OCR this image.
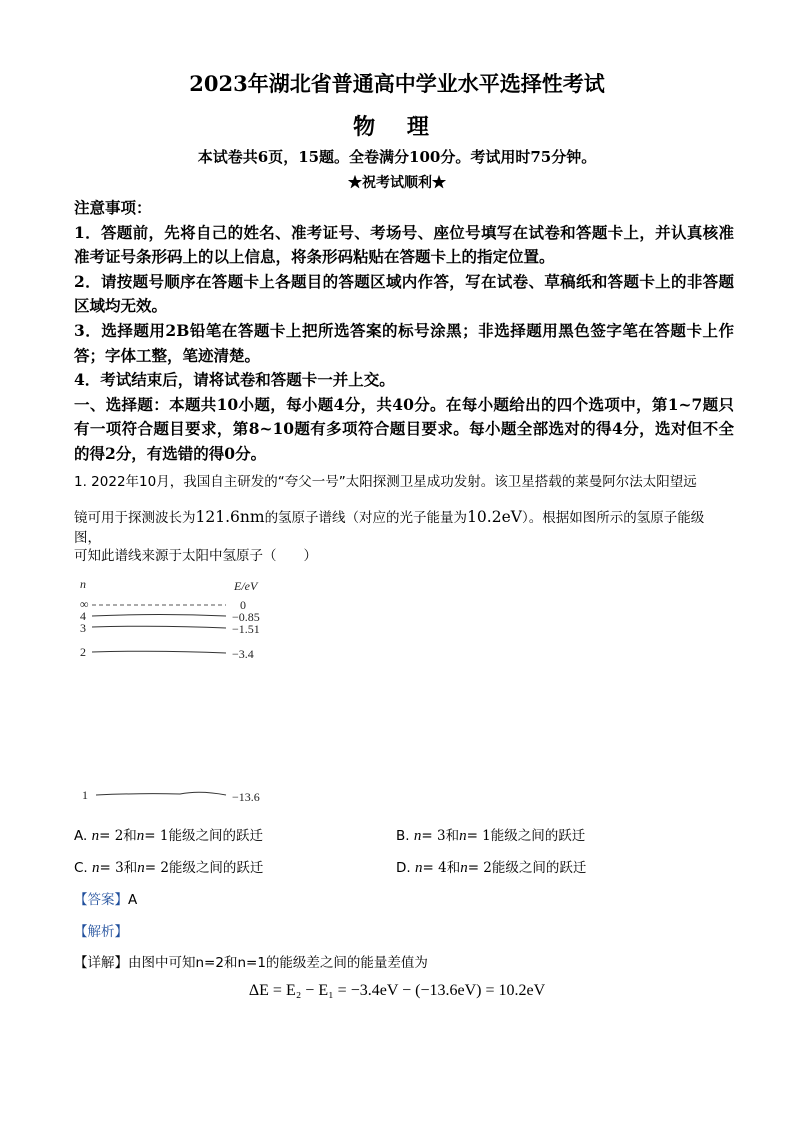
2023年湖北省普通高中学业水平选择性考试
物 理
本试卷共6页，15题。全卷满分100分。考试用时75分钟。
★祝考试顺利★

注意事项：

1．答题前，先将自己的姓名、准考证号、考场号、座位号填写在试卷和答题卡上，并认真核准准考证号条形码上的以上信息，将条形码粘贴在答题卡上的指定位置。

2．请按题号顺序在答题卡上各题目的答题区域内作答，写在试卷、草稿纸和答题卡上的非答题区域均无效。

3．选择题用2B铅笔在答题卡上把所选答案的标号涂黑；非选择题用黑色签字笔在答题卡上作答；字体工整，笔迹清楚。

4．考试结束后，请将试卷和答题卡一并上交。

一、选择题：本题共10小题，每小题4分，共40分。在每小题给出的四个选项中，第1~7题只有一项符合题目要求，第8~10题有多项符合题目要求。每小题全部选对的得4分，选对但不全的得2分，有选错的得0分。

1. 2022年10月，我国自主研发的“夸父一号”太阳探测卫星成功发射。该卫星搭载的莱曼阿尔法太阳望远
镜可用于探测波长为121.6nm的氢原子谱线（对应的光子能量为10.2eV）。根据如图所示的氢原子能级图，
可知此谱线来源于太阳中氢原子（　　）
n	E/eV
∞	0
4	−0.85
3	−1.51
2	−3.4
1	−13.6
A. n= 2和n= 1能级之间的跃迁	B. n= 3和n= 1能级之间的跃迁
C. n= 3和n= 2能级之间的跃迁	D. n= 4和n= 2能级之间的跃迁
【答案】A
【解析】
【详解】由图中可知n=2和n=1的能级差之间的能量差值为
ΔE = E₂ − E₁ = −3.4eV − (−13.6eV) = 10.2eV
